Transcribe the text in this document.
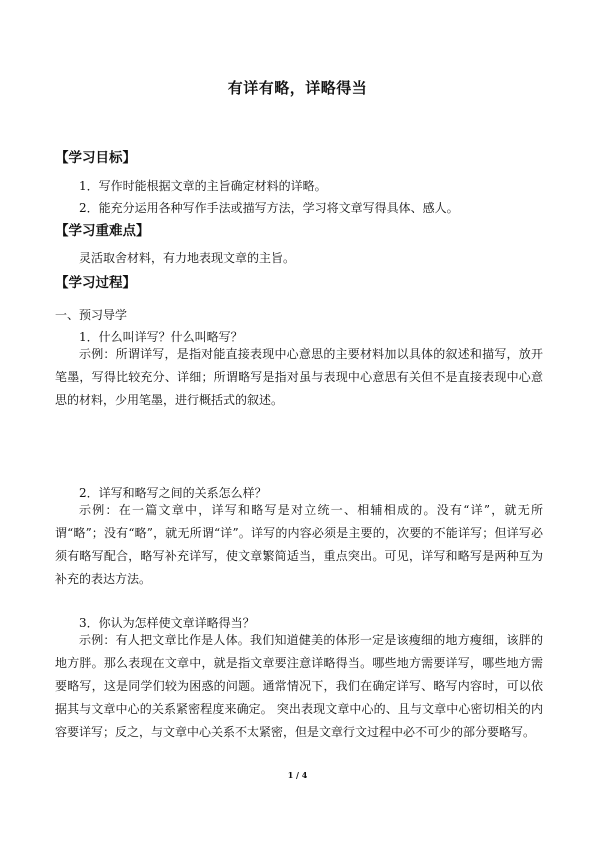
有详有略，详略得当
【学习目标】
1．写作时能根据文章的主旨确定材料的详略。
2．能充分运用各种写作手法或描写方法，学习将文章写得具体、感人。
【学习重难点】
灵活取舍材料，有力地表现文章的主旨。
【学习过程】
一、预习导学
1．什么叫详写？什么叫略写？
示例：所谓详写，是指对能直接表现中心意思的主要材料加以具体的叙述和描写，放开笔墨，写得比较充分、详细；所谓略写是指对虽与表现中心意思有关但不是直接表现中心意思的材料，少用笔墨，进行概括式的叙述。
2．详写和略写之间的关系怎么样？
示例：在一篇文章中，详写和略写是对立统一、相辅相成的。没有“详”，就无所谓“略”；没有“略”，就无所谓“详”。详写的内容必须是主要的，次要的不能详写；但详写必须有略写配合，略写补充详写，使文章繁简适当，重点突出。可见，详写和略写是两种互为补充的表达方法。
3．你认为怎样使文章详略得当？
示例：有人把文章比作是人体。我们知道健美的体形一定是该瘦细的地方瘦细，该胖的地方胖。那么表现在文章中，就是指文章要注意详略得当。哪些地方需要详写，哪些地方需要略写，这是同学们较为困惑的问题。通常情况下，我们在确定详写、略写内容时，可以依据其与文章中心的关系紧密程度来确定。 突出表现文章中心的、且与文章中心密切相关的内容要详写；反之，与文章中心关系不太紧密，但是文章行文过程中必不可少的部分要略写。
1 / 4
